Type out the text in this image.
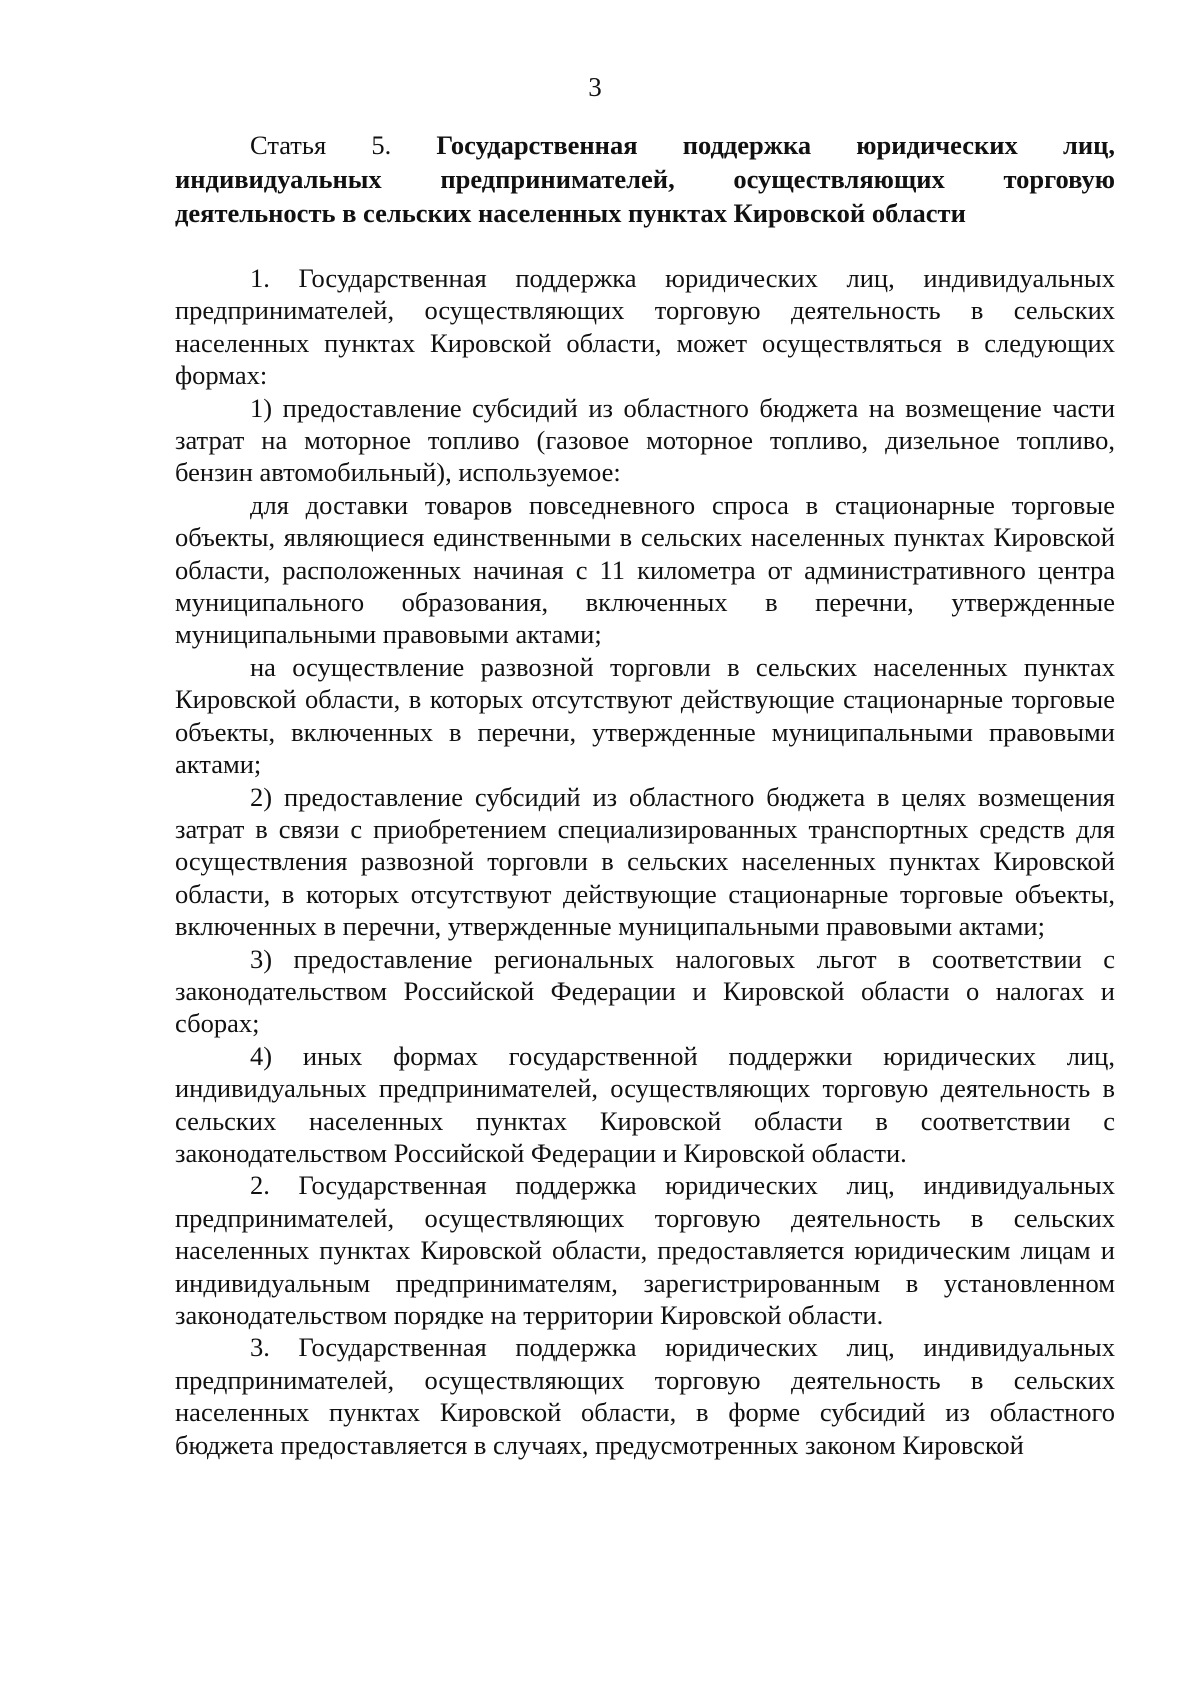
3

Статья 5. Государственная поддержка юридических лиц, индивидуальных предпринимателей, осуществляющих торговую деятельность в сельских населенных пунктах Кировской области

1. Государственная поддержка юридических лиц, индивидуальных предпринимателей, осуществляющих торговую деятельность в сельских населенных пунктах Кировской области, может осуществляться в следующих формах:

1) предоставление субсидий из областного бюджета на возмещение части затрат на моторное топливо (газовое моторное топливо, дизельное топливо, бензин автомобильный), используемое:

для доставки товаров повседневного спроса в стационарные торговые объекты, являющиеся единственными в сельских населенных пунктах Кировской области, расположенных начиная с 11 километра от административного центра муниципального образования, включенных в перечни, утвержденные муниципальными правовыми актами;

на осуществление развозной торговли в сельских населенных пунктах Кировской области, в которых отсутствуют действующие стационарные торговые объекты, включенных в перечни, утвержденные муниципальными правовыми актами;

2) предоставление субсидий из областного бюджета в целях возмещения затрат в связи с приобретением специализированных транспортных средств для осуществления развозной торговли в сельских населенных пунктах Кировской области, в которых отсутствуют действующие стационарные торговые объекты, включенных в перечни, утвержденные муниципальными правовыми актами;

3) предоставление региональных налоговых льгот в соответствии с законодательством Российской Федерации и Кировской области о налогах и сборах;

4) иных формах государственной поддержки юридических лиц, индивидуальных предпринимателей, осуществляющих торговую деятельность в сельских населенных пунктах Кировской области в соответствии с законодательством Российской Федерации и Кировской области.

2. Государственная поддержка юридических лиц, индивидуальных предпринимателей, осуществляющих торговую деятельность в сельских населенных пунктах Кировской области, предоставляется юридическим лицам и индивидуальным предпринимателям, зарегистрированным в установленном законодательством порядке на территории Кировской области.

3. Государственная поддержка юридических лиц, индивидуальных предпринимателей, осуществляющих торговую деятельность в сельских населенных пунктах Кировской области, в форме субсидий из областного бюджета предоставляется в случаях, предусмотренных законом Кировской
